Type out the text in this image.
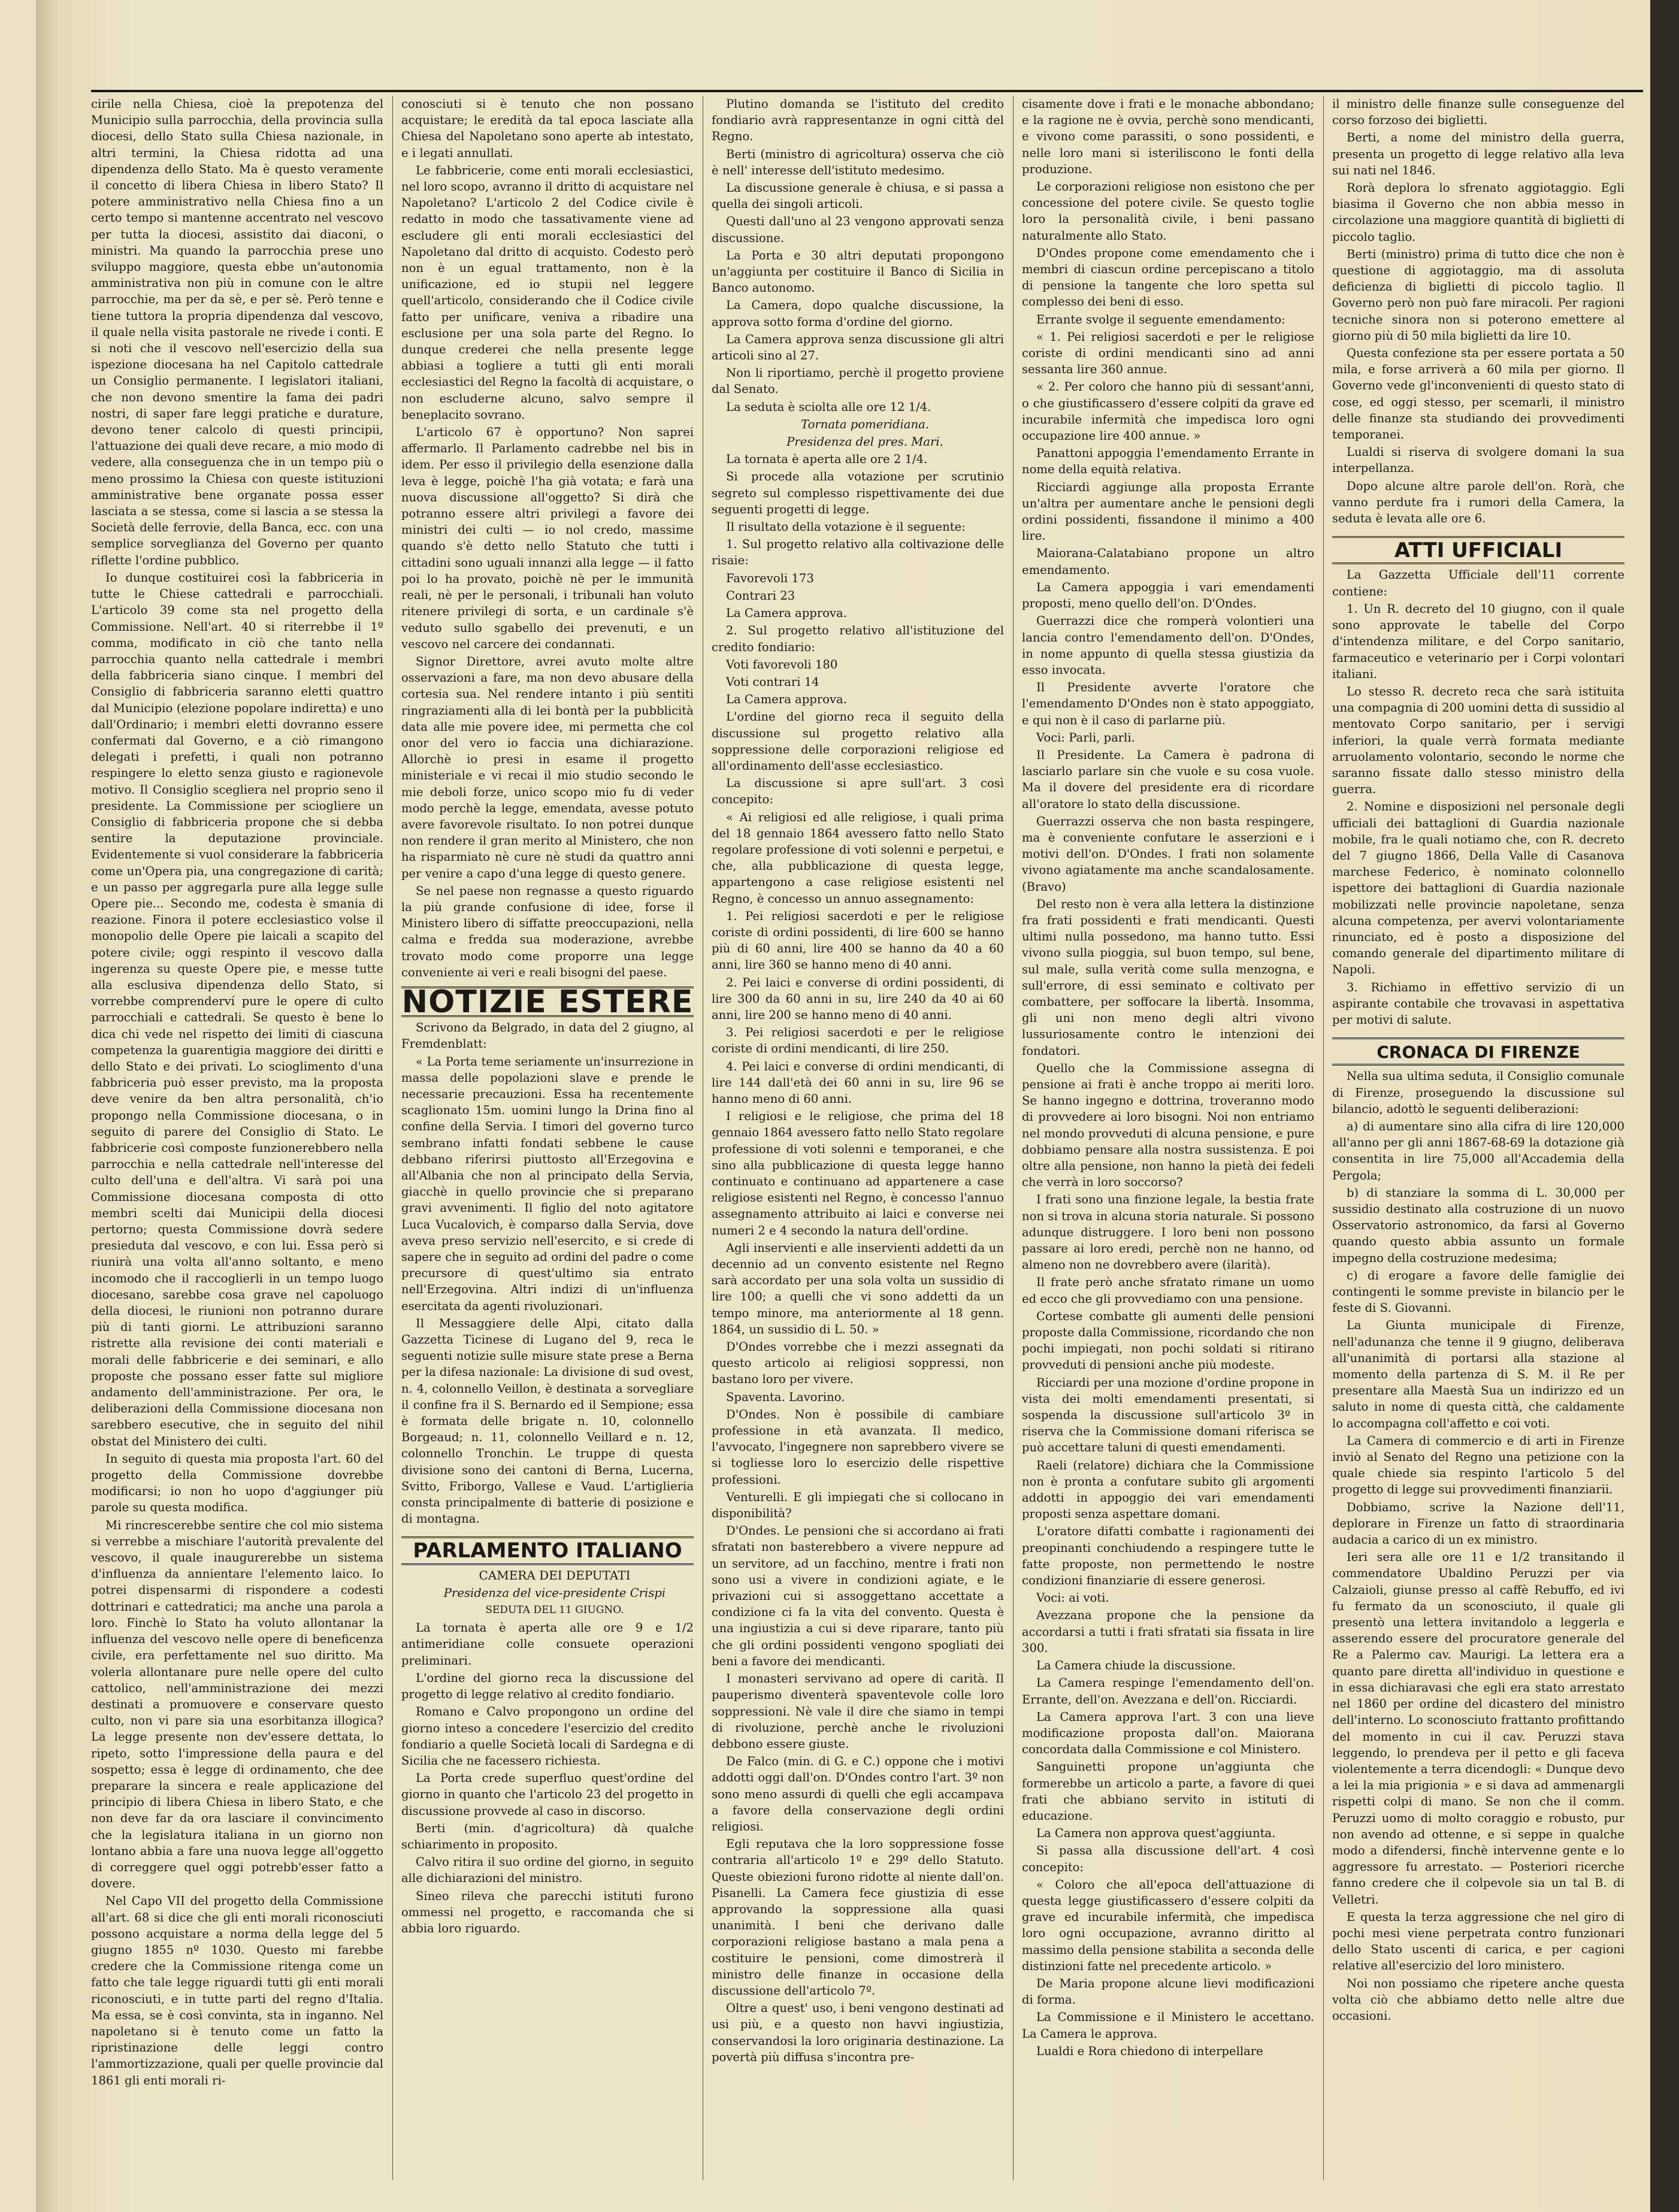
cirile nella Chiesa, cioè la prepotenza del Municipio sulla parrocchia, della provincia sulla diocesi, dello Stato sulla Chiesa nazionale, in altri termini, la Chiesa ridotta ad una dipendenza dello Stato. Ma è questo veramente il concetto di libera Chiesa in libero Stato? Il potere amministrativo nella Chiesa fino a un certo tempo si mantenne accentrato nel vescovo per tutta la diocesi, assistito dai diaconi, o ministri. Ma quando la parrocchia prese uno sviluppo maggiore, questa ebbe un'autonomia amministrativa non più in comune con le altre parrocchie, ma per da sè, e per sè. Però tenne e tiene tuttora la propria dipendenza dal vescovo, il quale nella visita pastorale ne rivede i conti. E si noti che il vescovo nell'esercizio della sua ispezione diocesana ha nel Capitolo cattedrale un Consiglio permanente. I legislatori italiani, che non devono smentire la fama dei padri nostri, di saper fare leggi pratiche e durature, devono tener calcolo di questi principii, l'attuazione dei quali deve recare, a mio modo di vedere, alla conseguenza che in un tempo più o meno prossimo la Chiesa con queste istituzioni amministrative bene organate possa esser lasciata a se stessa, come si lascia a se stessa la Società delle ferrovie, della Banca, ecc. con una semplice sorveglianza del Governo per quanto riflette l'ordine pubblico.

Io dunque costituirei così la fabbriceria in tutte le Chiese cattedrali e parrocchiali. L'articolo 39 come sta nel progetto della Commissione. Nell'art. 40 si riterrebbe il 1º comma, modificato in ciò che tanto nella parrocchia quanto nella cattedrale i membri della fabbriceria siano cinque. I membri del Consiglio di fabbriceria saranno eletti quattro dal Municipio (elezione popolare indiretta) e uno dall'Ordinario; i membri eletti dovranno essere confermati dal Governo, e a ciò rimangono delegati i prefetti, i quali non potranno respingere lo eletto senza giusto e ragionevole motivo. Il Consiglio scegliera nel proprio seno il presidente. La Commissione per sciogliere un Consiglio di fabbriceria propone che si debba sentire la deputazione provinciale. Evidentemente si vuol considerare la fabbriceria come un'Opera pia, una congregazione di carità; e un passo per aggregarla pure alla legge sulle Opere pie... Secondo me, codesta è smania di reazione. Finora il potere ecclesiastico volse il monopolio delle Opere pie laicali a scapito del potere civile; oggi respinto il vescovo dalla ingerenza su queste Opere pie, e messe tutte alla esclusiva dipendenza dello Stato, si vorrebbe comprenderví pure le opere di culto parrocchiali e cattedrali. Se questo è bene lo dica chi vede nel rispetto dei limiti di ciascuna competenza la guarentigia maggiore dei diritti e dello Stato e dei privati. Lo scioglimento d'una fabbriceria può esser previsto, ma la proposta deve venire da ben altra personalità, ch'io propongo nella Commissione diocesana, o in seguito di parere del Consiglio di Stato. Le fabbricerie così composte funzionerebbero nella parrocchia e nella cattedrale nell'interesse del culto dell'una e dell'altra. Vi sarà poi una Commissione diocesana composta di otto membri scelti dai Municipii della diocesi pertorno; questa Commissione dovrà sedere presieduta dal vescovo, e con lui. Essa però si riunirà una volta all'anno soltanto, e meno incomodo che il raccoglierli in un tempo luogo diocesano, sarebbe cosa grave nel capoluogo della diocesi, le riunioni non potranno durare più di tanti giorni. Le attribuzioni saranno ristrette alla revisione dei conti materiali e morali delle fabbricerie e dei seminari, e allo proposte che possano esser fatte sul migliore andamento dell'amministrazione. Per ora, le deliberazioni della Commissione diocesana non sarebbero esecutive, che in seguito del nihil obstat del Ministero dei culti.

In seguito di questa mia proposta l'art. 60 del progetto della Commissione dovrebbe modificarsi; io non ho uopo d'aggiunger più parole su questa modifica.

Mi rincrescerebbe sentire che col mio sistema si verrebbe a mischiare l'autorità prevalente del vescovo, il quale inaugurerebbe un sistema d'influenza da annientare l'elemento laico. Io potrei dispensarmi di rispondere a codesti dottrinari e cattedratici; ma anche una parola a loro. Finchè lo Stato ha voluto allontanar la influenza del vescovo nelle opere di beneficenza civile, era perfettamente nel suo diritto. Ma volerla allontanare pure nelle opere del culto cattolico, nell'amministrazione dei mezzi destinati a promuovere e conservare questo culto, non vi pare sia una esorbitanza illogica? La legge presente non dev'essere dettata, lo ripeto, sotto l'impressione della paura e del sospetto; essa è legge di ordinamento, che dee preparare la sincera e reale applicazione del principio di libera Chiesa in libero Stato, e che non deve far da ora lasciare il convincimento che la legislatura italiana in un giorno non lontano abbia a fare una nuova legge all'oggetto di correggere quel oggi potrebb'esser fatto a dovere.

Nel Capo VII del progetto della Commissione all'art. 68 si dice che gli enti morali riconosciuti possono acquistare a norma della legge del 5 giugno 1855 nº 1030. Questo mi farebbe credere che la Commissione ritenga come un fatto che tale legge riguardi tutti gli enti morali riconosciuti, e in tutte parti del regno d'Italia. Ma essa, se è così convinta, sta in inganno. Nel napoletano si è tenuto come un fatto la ripristinazione delle leggi contro l'ammortizzazione, quali per quelle provincie dal 1861 gli enti morali ri-

conosciuti si è tenuto che non possano acquistare; le eredità da tal epoca lasciate alla Chiesa del Napoletano sono aperte ab intestato, e i legati annullati.

Le fabbricerie, come enti morali ecclesiastici, nel loro scopo, avranno il dritto di acquistare nel Napoletano? L'articolo 2 del Codice civile è redatto in modo che tassativamente viene ad escludere gli enti morali ecclesiastici del Napoletano dal dritto di acquisto. Codesto però non è un egual trattamento, non è la unificazione, ed io stupii nel leggere quell'articolo, considerando che il Codice civile fatto per unificare, veniva a ribadire una esclusione per una sola parte del Regno. Io dunque crederei che nella presente legge abbiasi a togliere a tutti gli enti morali ecclesiastici del Regno la facoltà di acquistare, o non escluderne alcuno, salvo sempre il beneplacito sovrano.

L'articolo 67 è opportuno? Non saprei affermarlo. Il Parlamento cadrebbe nel bis in idem. Per esso il privilegio della esenzione dalla leva è legge, poichè l'ha già votata; e farà una nuova discussione all'oggetto? Si dirà che potranno essere altri privilegi a favore dei ministri dei culti — io nol credo, massime quando s'è detto nello Statuto che tutti i cittadini sono uguali innanzi alla legge — il fatto poi lo ha provato, poichè nè per le immunità reali, nè per le personali, i tribunali han voluto ritenere privilegi di sorta, e un cardinale s'è veduto sullo sgabello dei prevenuti, e un vescovo nel carcere dei condannati.

Signor Direttore, avrei avuto molte altre osservazioni a fare, ma non devo abusare della cortesia sua. Nel rendere intanto i più sentiti ringraziamenti alla di lei bontà per la pubblicità data alle mie povere idee, mi permetta che col onor del vero io faccia una dichiarazione. Allorchè io presi in esame il progetto ministeriale e vi recai il mio studio secondo le mie deboli forze, unico scopo mio fu di veder modo perchè la legge, emendata, avesse potuto avere favorevole risultato. Io non potrei dunque non rendere il gran merito al Ministero, che non ha risparmiato nè cure nè studi da quattro anni per venire a capo d'una legge di questo genere.

Se nel paese non regnasse a questo riguardo la più grande confusione di idee, forse il Ministero libero di siffatte preoccupazioni, nella calma e fredda sua moderazione, avrebbe trovato modo come proporre una legge conveniente ai veri e reali bisogni del paese.

NOTIZIE ESTERE

Scrivono da Belgrado, in data del 2 giugno, al Fremdenblatt:

« La Porta teme seriamente un'insurrezione in massa delle popolazioni slave e prende le necessarie precauzioni. Essa ha recentemente scaglionato 15m. uomini lungo la Drina fino al confine della Servia. I timori del governo turco sembrano infatti fondati sebbene le cause debbano riferirsi piuttosto all'Erzegovina e all'Albania che non al principato della Servia, giacchè in quello provincie che si preparano gravi avvenimenti. Il figlio del noto agitatore Luca Vucalovich, è comparso dalla Servia, dove aveva preso servizio nell'esercito, e si crede di sapere che in seguito ad ordini del padre o come precursore di quest'ultimo sia entrato nell'Erzegovina. Altri indizi di un'influenza esercitata da agenti rivoluzionari.

Il Messaggiere delle Alpi, citato dalla Gazzetta Ticinese di Lugano del 9, reca le seguenti notizie sulle misure state prese a Berna per la difesa nazionale: La divisione di sud ovest, n. 4, colonnello Veillon, è destinata a sorvegliare il confine fra il S. Bernardo ed il Sempione; essa è formata delle brigate n. 10, colonnello Borgeaud; n. 11, colonnello Veillard e n. 12, colonnello Tronchin. Le truppe di questa divisione sono dei cantoni di Berna, Lucerna, Svitto, Friborgo, Vallese e Vaud. L'artiglieria consta principalmente di batterie di posizione e di montagna.

PARLAMENTO ITALIANO

CAMERA DEI DEPUTATI

Presidenza del vice-presidente Crispi

SEDUTA DEL 11 GIUGNO.

La tornata è aperta alle ore 9 e 1/2 antimeridiane colle consuete operazioni preliminari.

L'ordine del giorno reca la discussione del progetto di legge relativo al credito fondiario.

Romano e Calvo propongono un ordine del giorno inteso a concedere l'esercizio del credito fondiario a quelle Società locali di Sardegna e di Sicilia che ne facessero richiesta.

La Porta crede superfluo quest'ordine del giorno in quanto che l'articolo 23 del progetto in discussione provvede al caso in discorso.

Berti (min. d'agricoltura) dà qualche schiarimento in proposito.

Calvo ritira il suo ordine del giorno, in seguito alle dichiarazioni del ministro.

Sineo rileva che parecchi istituti furono ommessi nel progetto, e raccomanda che si abbia loro riguardo.

Plutino domanda se l'istituto del credito fondiario avrà rappresentanze in ogni città del Regno.

Berti (ministro di agricoltura) osserva che ciò è nell' interesse dell'istituto medesimo.

La discussione generale è chiusa, e si passa a quella dei singoli articoli.

Questi dall'uno al 23 vengono approvati senza discussione.

La Porta e 30 altri deputati propongono un'aggiunta per costituire il Banco di Sicilia in Banco autonomo.

La Camera, dopo qualche discussione, la approva sotto forma d'ordine del giorno.

La Camera approva senza discussione gli altri articoli sino al 27.

Non li riportiamo, perchè il progetto proviene dal Senato.

La seduta è sciolta alle ore 12 1/4.

Tornata pomeridiana.

Presidenza del pres. Mari.

La tornata è aperta alle ore 2 1/4.

Si procede alla votazione per scrutinio segreto sul complesso rispettivamente dei due seguenti progetti di legge.

Il risultato della votazione è il seguente:

1. Sul progetto relativo alla coltivazione delle risaie:

Favorevoli 173

Contrari 23

La Camera approva.

2. Sul progetto relativo all'istituzione del credito fondiario:

Voti favorevoli 180

Voti contrari 14

La Camera approva.

L'ordine del giorno reca il seguito della discussione sul progetto relativo alla soppressione delle corporazioni religiose ed all'ordinamento dell'asse ecclesiastico.

La discussione si apre sull'art. 3 così concepito:

« Ai religiosi ed alle religiose, i quali prima del 18 gennaio 1864 avessero fatto nello Stato regolare professione di voti solenni e perpetui, e che, alla pubblicazione di questa legge, appartengono a case religiose esistenti nel Regno, è concesso un annuo assegnamento:

1. Pei religiosi sacerdoti e per le religiose coriste di ordini possidenti, di lire 600 se hanno più di 60 anni, lire 400 se hanno da 40 a 60 anni, lire 360 se hanno meno di 40 anni.

2. Pei laici e converse di ordini possidenti, di lire 300 da 60 anni in su, lire 240 da 40 ai 60 anni, lire 200 se hanno meno di 40 anni.

3. Pei religiosi sacerdoti e per le religiose coriste di ordini mendicanti, di lire 250.

4. Pei laici e converse di ordini mendicanti, di lire 144 dall'età dei 60 anni in su, lire 96 se hanno meno di 60 anni.

I religiosi e le religiose, che prima del 18 gennaio 1864 avessero fatto nello Stato regolare professione di voti solenni e temporanei, e che sino alla pubblicazione di questa legge hanno continuato e continuano ad appartenere a case religiose esistenti nel Regno, è concesso l'annuo assegnamento attribuito ai laici e converse nei numeri 2 e 4 secondo la natura dell'ordine.

Agli inservienti e alle inservienti addetti da un decennio ad un convento esistente nel Regno sarà accordato per una sola volta un sussidio di lire 100; a quelli che vi sono addetti da un tempo minore, ma anteriormente al 18 genn. 1864, un sussidio di L. 50. »

D'Ondes vorrebbe che i mezzi assegnati da questo articolo ai religiosi soppressi, non bastano loro per vivere.

Spaventa. Lavorino.

D'Ondes. Non è possibile di cambiare professione in età avanzata. Il medico, l'avvocato, l'ingegnere non saprebbero vivere se si togliesse loro lo esercizio delle rispettive professioni.

Venturelli. E gli impiegati che si collocano in disponibilità?

D'Ondes. Le pensioni che si accordano ai frati sfratati non basterebbero a vivere neppure ad un servitore, ad un facchino, mentre i frati non sono usi a vivere in condizioni agiate, e le privazioni cui si assoggettano accettate a condizione ci fa la vita del convento. Questa è una ingiustizia a cui si deve riparare, tanto più che gli ordini possidenti vengono spogliati dei beni a favore dei mendicanti.

I monasteri servivano ad opere di carità. Il pauperismo diventerà spaventevole colle loro soppressioni. Nè vale il dire che siamo in tempi di rivoluzione, perchè anche le rivoluzioni debbono essere giuste.

De Falco (min. di G. e C.) oppone che i motivi addotti oggi dall'on. D'Ondes contro l'art. 3º non sono meno assurdi di quelli che egli accampava a favore della conservazione degli ordini religiosi.

Egli reputava che la loro soppressione fosse contraria all'articolo 1º e 29º dello Statuto. Queste obiezioni furono ridotte al niente dall'on. Pisanelli. La Camera fece giustizia di esse approvando la soppressione alla quasi unanimità. I beni che derivano dalle corporazioni religiose bastano a mala pena a costituire le pensioni, come dimostrerà il ministro delle finanze in occasione della discussione dell'articolo 7º.

Oltre a quest' uso, i beni vengono destinati ad usi più, e a questo non havvi ingiustizia, conservandosi la loro originaria destinazione. La povertà più diffusa s'incontra pre-

cisamente dove i frati e le monache abbondano; e la ragione ne è ovvia, perchè sono mendicanti, e vivono come parassiti, o sono possidenti, e nelle loro mani si isteriliscono le fonti della produzione.

Le corporazioni religiose non esistono che per concessione del potere civile. Se questo toglie loro la personalità civile, i beni passano naturalmente allo Stato.

D'Ondes propone come emendamento che i membri di ciascun ordine percepiscano a titolo di pensione la tangente che loro spetta sul complesso dei beni di esso.

Errante svolge il seguente emendamento:

« 1. Pei religiosi sacerdoti e per le religiose coriste di ordini mendicanti sino ad anni sessanta lire 360 annue.

« 2. Per coloro che hanno più di sessant'anni, o che giustificassero d'essere colpiti da grave ed incurabile infermità che impedisca loro ogni occupazione lire 400 annue. »

Panattoni appoggia l'emendamento Errante in nome della equità relativa.

Ricciardi aggiunge alla proposta Errante un'altra per aumentare anche le pensioni degli ordini possidenti, fissandone il minimo a 400 lire.

Maiorana-Calatabiano propone un altro emendamento.

La Camera appoggia i vari emendamenti proposti, meno quello dell'on. D'Ondes.

Guerrazzi dice che romperà volontieri una lancia contro l'emendamento dell'on. D'Ondes, in nome appunto di quella stessa giustizia da esso invocata.

Il Presidente avverte l'oratore che l'emendamento D'Ondes non è stato appoggiato, e qui non è il caso di parlarne più.

Voci: Parli, parli.

Il Presidente. La Camera è padrona di lasciarlo parlare sin che vuole e su cosa vuole. Ma il dovere del presidente era di ricordare all'oratore lo stato della discussione.

Guerrazzi osserva che non basta respingere, ma è conveniente confutare le asserzioni e i motivi dell'on. D'Ondes. I frati non solamente vivono agiatamente ma anche scandalosamente. (Bravo)

Del resto non è vera alla lettera la distinzione fra frati possidenti e frati mendicanti. Questi ultimi nulla possedono, ma hanno tutto. Essi vivono sulla pioggia, sul buon tempo, sul bene, sul male, sulla verità come sulla menzogna, e sull'errore, di essi seminato e coltivato per combattere, per soffocare la libertà. Insomma, gli uni non meno degli altri vivono lussuriosamente contro le intenzioni dei fondatori.

Quello che la Commissione assegna di pensione ai frati è anche troppo ai meriti loro. Se hanno ingegno e dottrina, troveranno modo di provvedere ai loro bisogni. Noi non entriamo nel mondo provveduti di alcuna pensione, e pure dobbiamo pensare alla nostra sussistenza. E poi oltre alla pensione, non hanno la pietà dei fedeli che verrà in loro soccorso?

I frati sono una finzione legale, la bestia frate non si trova in alcuna storia naturale. Si possono adunque distruggere. I loro beni non possono passare ai loro eredi, perchè non ne hanno, od almeno non ne dovrebbero avere (ilarità).

Il frate però anche sfratato rimane un uomo ed ecco che gli provvediamo con una pensione.

Cortese combatte gli aumenti delle pensioni proposte dalla Commissione, ricordando che non pochi impiegati, non pochi soldati si ritirano provveduti di pensioni anche più modeste.

Ricciardi per una mozione d'ordine propone in vista dei molti emendamenti presentati, si sospenda la discussione sull'articolo 3º in riserva che la Commissione domani riferisca se può accettare taluni di questi emendamenti.

Raeli (relatore) dichiara che la Commissione non è pronta a confutare subito gli argomenti addotti in appoggio dei vari emendamenti proposti senza aspettare domani.

L'oratore difatti combatte i ragionamenti dei preopinanti conchiudendo a respingere tutte le fatte proposte, non permettendo le nostre condizioni finanziarie di essere generosi.

Voci: ai voti.

Avezzana propone che la pensione da accordarsi a tutti i frati sfratati sia fissata in lire 300.

La Camera chiude la discussione.

La Camera respinge l'emendamento dell'on. Errante, dell'on. Avezzana e dell'on. Ricciardi.

La Camera approva l'art. 3 con una lieve modificazione proposta dall'on. Maiorana concordata dalla Commissione e col Ministero.

Sanguinetti propone un'aggiunta che formerebbe un articolo a parte, a favore di quei frati che abbiano servito in istituti di educazione.

La Camera non approva quest'aggiunta.

Si passa alla discussione dell'art. 4 così concepito:

« Coloro che all'epoca dell'attuazione di questa legge giustificassero d'essere colpiti da grave ed incurabile infermità, che impedisca loro ogni occupazione, avranno diritto al massimo della pensione stabilita a seconda delle distinzioni fatte nel precedente articolo. »

De Maria propone alcune lievi modificazioni di forma.

La Commissione e il Ministero le accettano. La Camera le approva.

Lualdi e Rora chiedono di interpellare

il ministro delle finanze sulle conseguenze del corso forzoso dei biglietti.

Berti, a nome del ministro della guerra, presenta un progetto di legge relativo alla leva sui nati nel 1846.

Rorà deplora lo sfrenato aggiotaggio. Egli biasima il Governo che non abbia messo in circolazione una maggiore quantità di biglietti di piccolo taglio.

Berti (ministro) prima di tutto dice che non è questione di aggiotaggio, ma di assoluta deficienza di biglietti di piccolo taglio. Il Governo però non può fare miracoli. Per ragioni tecniche sinora non si poterono emettere al giorno più di 50 mila biglietti da lire 10.

Questa confezione sta per essere portata a 50 mila, e forse arriverà a 60 mila per giorno. Il Governo vede gl'inconvenienti di questo stato di cose, ed oggi stesso, per scemarli, il ministro delle finanze sta studiando dei provvedimenti temporanei.

Lualdi si riserva di svolgere domani la sua interpellanza.

Dopo alcune altre parole dell'on. Rorà, che vanno perdute fra i rumori della Camera, la seduta è levata alle ore 6.

ATTI UFFICIALI

La Gazzetta Ufficiale dell'11 corrente contiene:

1. Un R. decreto del 10 giugno, con il quale sono approvate le tabelle del Corpo d'intendenza militare, e del Corpo sanitario, farmaceutico e veterinario per i Corpi volontari italiani.

Lo stesso R. decreto reca che sarà istituita una compagnia di 200 uomini detta di sussidio al mentovato Corpo sanitario, per i servigi inferiori, la quale verrà formata mediante arruolamento volontario, secondo le norme che saranno fissate dallo stesso ministro della guerra.

2. Nomine e disposizioni nel personale degli ufficiali dei battaglioni di Guardia nazionale mobile, fra le quali notiamo che, con R. decreto del 7 giugno 1866, Della Valle di Casanova marchese Federico, è nominato colonnello ispettore dei battaglioni di Guardia nazionale mobilizzati nelle provincie napoletane, senza alcuna competenza, per avervi volontariamente rinunciato, ed è posto a disposizione del comando generale del dipartimento militare di Napoli.

3. Richiamo in effettivo servizio di un aspirante contabile che trovavasi in aspettativa per motivi di salute.

CRONACA DI FIRENZE

Nella sua ultima seduta, il Consiglio comunale di Firenze, proseguendo la discussione sul bilancio, adottò le seguenti deliberazioni:

a) di aumentare sino alla cifra di lire 120,000 all'anno per gli anni 1867-68-69 la dotazione già consentita in lire 75,000 all'Accademia della Pergola;

b) di stanziare la somma di L. 30,000 per sussidio destinato alla costruzione di un nuovo Osservatorio astronomico, da farsi al Governo quando questo abbia assunto un formale impegno della costruzione medesima;

c) di erogare a favore delle famiglie dei contingenti le somme previste in bilancio per le feste di S. Giovanni.

La Giunta municipale di Firenze, nell'adunanza che tenne il 9 giugno, deliberava all'unanimità di portarsi alla stazione al momento della partenza di S. M. il Re per presentare alla Maestà Sua un indirizzo ed un saluto in nome di questa città, che caldamente lo accompagna coll'affetto e coi voti.

La Camera di commercio e di arti in Firenze inviò al Senato del Regno una petizione con la quale chiede sia respinto l'articolo 5 del progetto di legge sui provvedimenti finanziarii.

Dobbiamo, scrive la Nazione dell'11, deplorare in Firenze un fatto di straordinaria audacia a carico di un ex ministro.

Ieri sera alle ore 11 e 1/2 transitando il commendatore Ubaldino Peruzzi per via Calzaioli, giunse presso al caffè Rebuffo, ed ivi fu fermato da un sconosciuto, il quale gli presentò una lettera invitandolo a leggerla e asserendo essere del procuratore generale del Re a Palermo cav. Maurigi. La lettera era a quanto pare diretta all'individuo in questione e in essa dichiaravasi che egli era stato arrestato nel 1860 per ordine del dicastero del ministro dell'interno. Lo sconosciuto frattanto profittando del momento in cui il cav. Peruzzi stava leggendo, lo prendeva per il petto e gli faceva violentemente a terra dicendogli: « Dunque devo a lei la mia prigionia » e si dava ad ammenargli rispetti colpi di mano. Se non che il comm. Peruzzi uomo di molto coraggio e robusto, pur non avendo ad ottenne, e si seppe in qualche modo a difendersi, finchè intervenne gente e lo aggressore fu arrestato. — Posteriori ricerche fanno credere che il colpevole sia un tal B. di Velletri.

E questa la terza aggressione che nel giro di pochi mesi viene perpetrata contro funzionari dello Stato uscenti di carica, e per cagioni relative all'esercizio del loro ministero.

Noi non possiamo che ripetere anche questa volta ciò che abbiamo detto nelle altre due occasioni.
